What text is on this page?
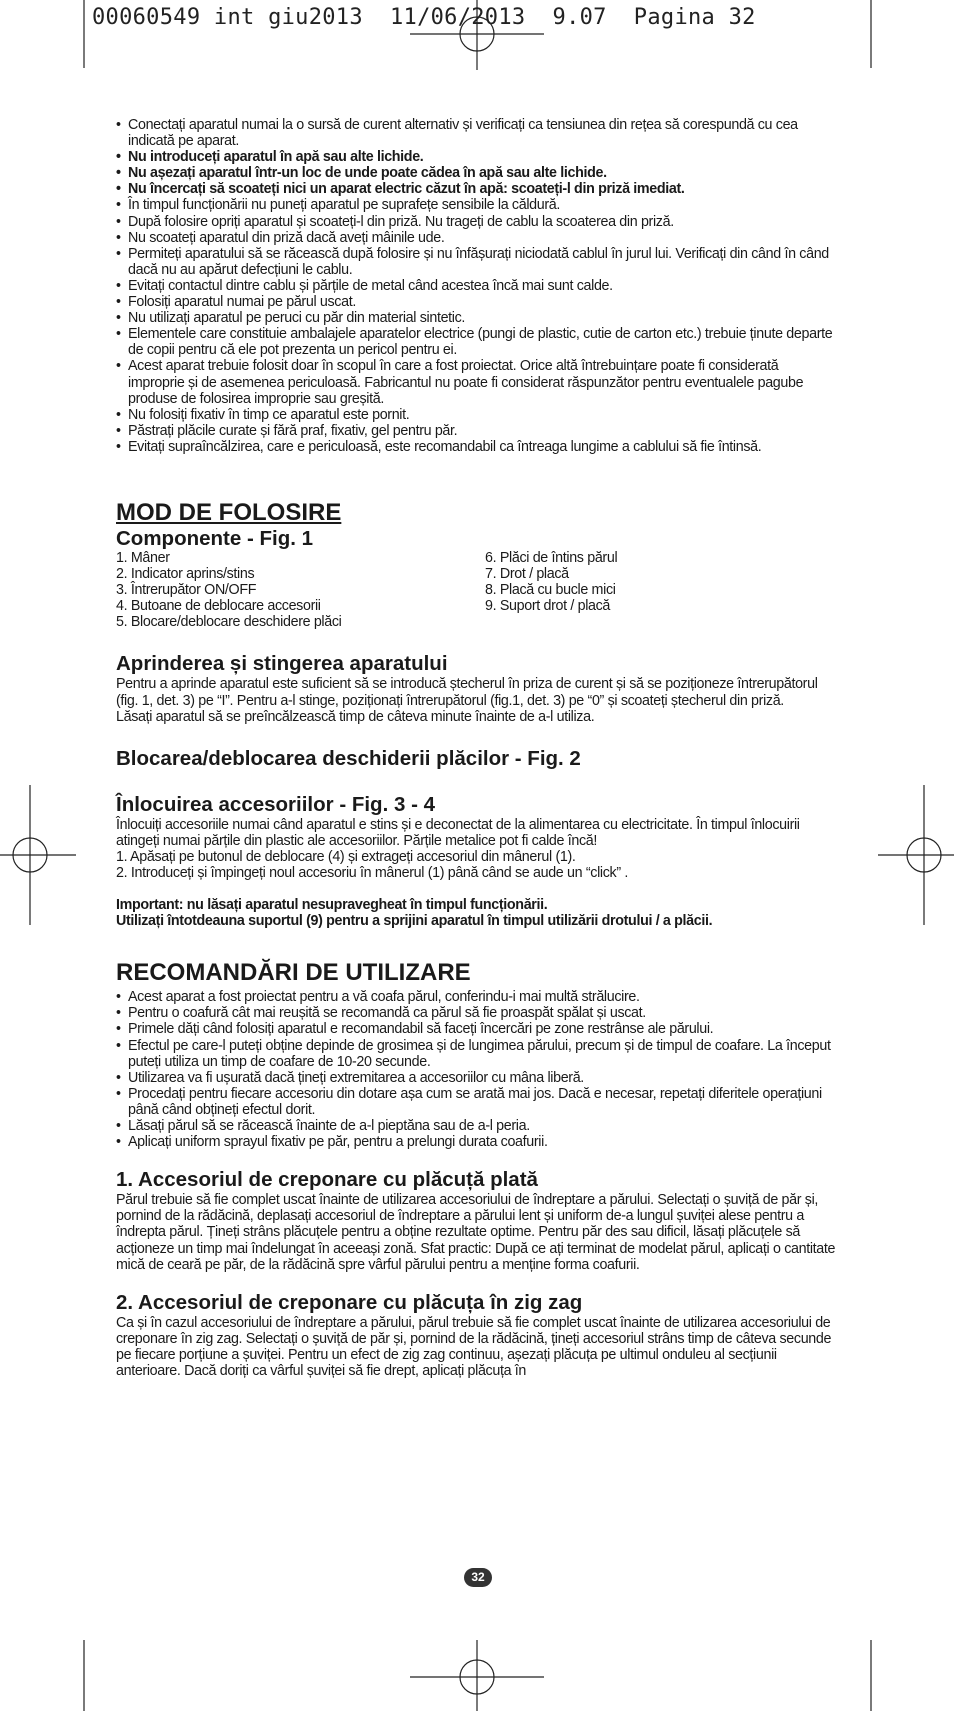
00060549 int giu2013  11/06/2013  9.07  Pagina 32
• Conectați aparatul numai la o sursă de curent alternativ și verificați ca tensiunea din rețea să corespundă cu cea indicată pe aparat.
• Nu introduceți aparatul în apă sau alte lichide.
• Nu așezați aparatul într-un loc de unde poate cădea în apă sau alte lichide.
• Nu încercați să scoateți nici un aparat electric căzut în apă: scoateți-l din priză imediat.
• În timpul funcționării nu puneți aparatul pe suprafețe sensibile la căldură.
• După folosire opriți aparatul și scoateți-l din priză. Nu trageți de cablu la scoaterea din priză.
• Nu scoateți aparatul din priză dacă aveți mâinile ude.
• Permiteți aparatului să se răcească după folosire și nu înfășurați niciodată cablul în jurul lui. Verificați din când în când dacă nu au apărut defecțiuni le cablu.
• Evitați contactul dintre cablu și părțile de metal când acestea încă mai sunt calde.
• Folosiți aparatul numai pe părul uscat.
• Nu utilizați aparatul pe peruci cu păr din material sintetic.
• Elementele care constituie ambalajele aparatelor electrice (pungi de plastic, cutie de carton etc.) trebuie ținute departe de copii pentru că ele pot prezenta un pericol pentru ei.
• Acest aparat trebuie folosit doar în scopul în care a fost proiectat. Orice altă întrebuințare poate fi considerată improprie și de asemenea periculoasă. Fabricantul nu poate fi considerat răspunzător pentru eventualele pagube produse de folosirea improprie sau greșită.
• Nu folosiți fixativ în timp ce aparatul este pornit.
• Păstrați plăcile curate și fără praf, fixativ, gel pentru păr.
• Evitați supraîncălzirea, care e periculoasă, este recomandabil ca întreaga lungime a cablului să fie întinsă.
MOD DE FOLOSIRE
Componente - Fig. 1
1. Mâner
2. Indicator aprins/stins
3. Întrerupător ON/OFF
4. Butoane de deblocare accesorii
5. Blocare/deblocare deschidere plăci
6. Plăci de întins părul
7. Drot / placă
8. Placă cu bucle mici
9. Suport drot / placă
Aprinderea și stingerea aparatului

Pentru a aprinde aparatul este suficient să se introducă ștecherul în priza de curent și să se poziționeze întrerupătorul (fig. 1, det. 3) pe “I”. Pentru a-l stinge, poziționați întrerupătorul (fig.1, det. 3) pe “0” și scoateți ștecherul din priză.

Lăsați aparatul să se preîncălzească timp de câteva minute înainte de a-l utiliza.

Blocarea/deblocarea deschiderii plăcilor - Fig. 2
Înlocuirea accesoriilor - Fig. 3 - 4

Înlocuiți accesoriile numai când aparatul e stins și e deconectat de la alimentarea cu electricitate. În timpul înlocuirii atingeți numai părțile din plastic ale accesoriilor. Părțile metalice pot fi calde încă!

1. Apăsați pe butonul de deblocare (4) și extrageți accesoriul din mânerul (1).

2. Introduceți și împingeți noul accesoriu în mânerul (1) până când se aude un “click” .

Important: nu lăsați aparatul nesupravegheat în timpul funcționării.

Utilizați întotdeauna suportul (9) pentru a sprijini aparatul în timpul utilizării drotului / a plăcii.

RECOMANDĂRI DE UTILIZARE
• Acest aparat a fost proiectat pentru a vă coafa părul, conferindu-i mai multă strălucire.
• Pentru o coafură cât mai reușită se recomandă ca părul să fie proaspăt spălat și uscat.
• Primele dăți când folosiți aparatul e recomandabil să faceți încercări pe zone restrânse ale părului.
• Efectul pe care-l puteți obține depinde de grosimea și de lungimea părului, precum și de timpul de coafare. La început puteți utiliza un timp de coafare de 10-20 secunde.
• Utilizarea va fi ușurată dacă țineți extremitarea a accesoriilor cu mâna liberă.
• Procedați pentru fiecare accesoriu din dotare așa cum se arată mai jos. Dacă e necesar, repetați diferitele operațiuni până când obțineți efectul dorit.
• Lăsați părul să se răcească înainte de a-l pieptăna sau de a-l peria.
• Aplicați uniform sprayul fixativ pe păr, pentru a prelungi durata coafurii.
1. Accesoriul de creponare cu plăcuță plată

Părul trebuie să fie complet uscat înainte de utilizarea accesoriului de îndreptare a părului. Selectați o șuviță de păr și, pornind de la rădăcină, deplasați accesoriul de îndreptare a părului lent și uniform de-a lungul șuviței alese pentru a îndrepta părul. Țineți strâns plăcuțele pentru a obține rezultate optime. Pentru păr des sau dificil, lăsați plăcuțele să acționeze un timp mai îndelungat în aceeași zonă. Sfat practic: După ce ați terminat de modelat părul, aplicați o cantitate mică de ceară pe păr, de la rădăcină spre vârful părului pentru a menține forma coafurii.

2. Accesoriul de creponare cu plăcuța în zig zag

Ca și în cazul accesoriului de îndreptare a părului, părul trebuie să fie complet uscat înainte de utilizarea accesoriului de creponare în zig zag. Selectați o șuviță de păr și, pornind de la rădăcină, țineți accesoriul strâns timp de câteva secunde pe fiecare porțiune a șuviței. Pentru un efect de zig zag continuu, așezați plăcuța pe ultimul onduleu al secțiunii anterioare. Dacă doriți ca vârful șuviței să fie drept, aplicați plăcuța în

32
